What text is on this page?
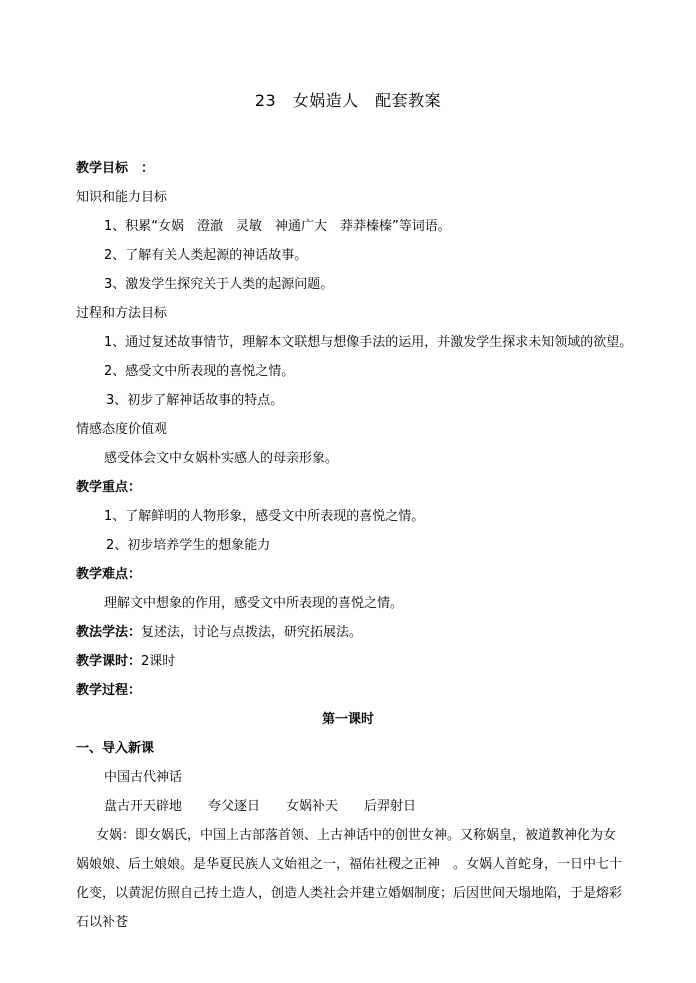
23　女娲造人　配套教案
教学目标　：
知识和能力目标
1、积累“女娲　澄澈　灵敏　神通广大　莽莽榛榛”等词语。
2、了解有关人类起源的神话故事。
3、激发学生探究关于人类的起源问题。
过程和方法目标
1、通过复述故事情节，理解本文联想与想像手法的运用，并激发学生探求未知领域的欲望。
2、感受文中所表现的喜悦之情。
3、初步了解神话故事的特点。
情感态度价值观
感受体会文中女娲朴实感人的母亲形象。
教学重点：
1、了解鲜明的人物形象，感受文中所表现的喜悦之情。
2、初步培养学生的想象能力
教学难点：
理解文中想象的作用，感受文中所表现的喜悦之情。
教法学法：复述法，讨论与点拨法，研究拓展法。
教学课时：2课时
教学过程：
第一课时
一、导入新课
中国古代神话
盘古开天辟地　　夸父逐日　　女娲补天　　后羿射日
女娲：即女娲氏，中国上古部落首领、上古神话中的创世女神。又称娲皇，被道教神化为女娲娘娘、后土娘娘。是华夏民族人文始祖之一，福佑社稷之正神　。女娲人首蛇身，一日中七十化变，以黄泥仿照自己抟土造人，创造人类社会并建立婚姻制度；后因世间天塌地陷，于是熔彩石以补苍
